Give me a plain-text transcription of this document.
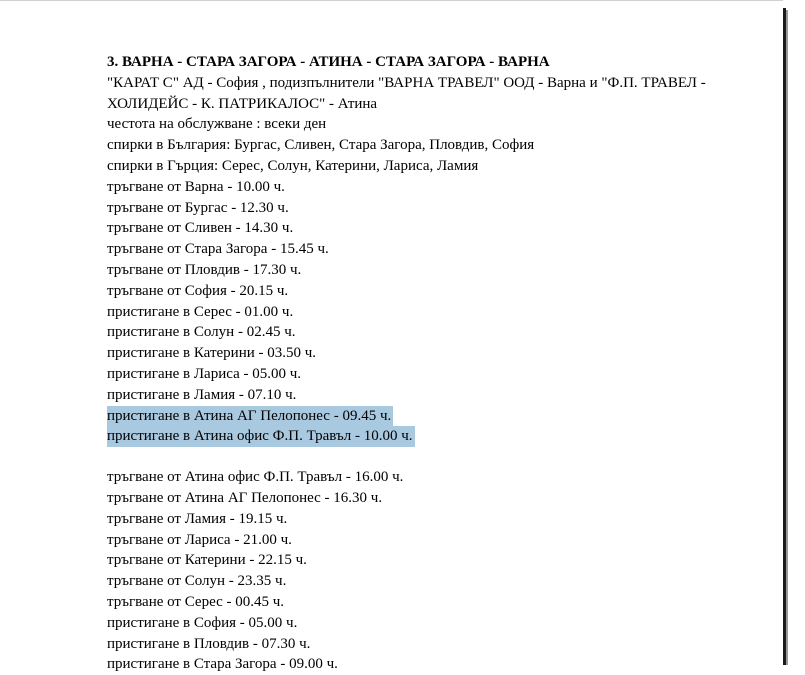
3. ВАРНА - СТАРА ЗАГОРА - АТИНА - СТАРА ЗАГОРА - ВАРНА

"КАРАТ С" АД - София , подизпълнители "ВАРНА ТРАВЕЛ" ООД - Варна и "Ф.П. ТРАВЕЛ - ХОЛИДЕЙС - К. ПАТРИКАЛОС" - Атина

честота на обслужване : всеки ден

спирки в България: Бургас, Сливен, Стара Загора, Пловдив, София

спирки в Гърция: Серес, Солун, Катерини, Лариса, Ламия

тръгване от Варна - 10.00 ч.

тръгване от Бургас - 12.30 ч.

тръгване от Сливен - 14.30 ч.

тръгване от Стара Загора - 15.45 ч.

тръгване от Пловдив - 17.30 ч.

тръгване от София - 20.15 ч.

пристигане в Серес - 01.00 ч.

пристигане в Солун - 02.45 ч.

пристигане в Катерини - 03.50 ч.

пристигане в Лариса - 05.00 ч.

пристигане в Ламия - 07.10 ч.

пристигане в Атина АГ Пелопонес - 09.45 ч.

пристигане в Атина офис Ф.П. Травъл - 10.00 ч.

тръгване от Атина офис Ф.П. Травъл - 16.00 ч.

тръгване от Атина АГ Пелопонес - 16.30 ч.

тръгване от Ламия - 19.15 ч.

тръгване от Лариса - 21.00 ч.

тръгване от Катерини - 22.15 ч.

тръгване от Солун - 23.35 ч.

тръгване от Серес - 00.45 ч.

пристигане в София - 05.00 ч.

пристигане в Пловдив - 07.30 ч.

пристигане в Стара Загора - 09.00 ч.
